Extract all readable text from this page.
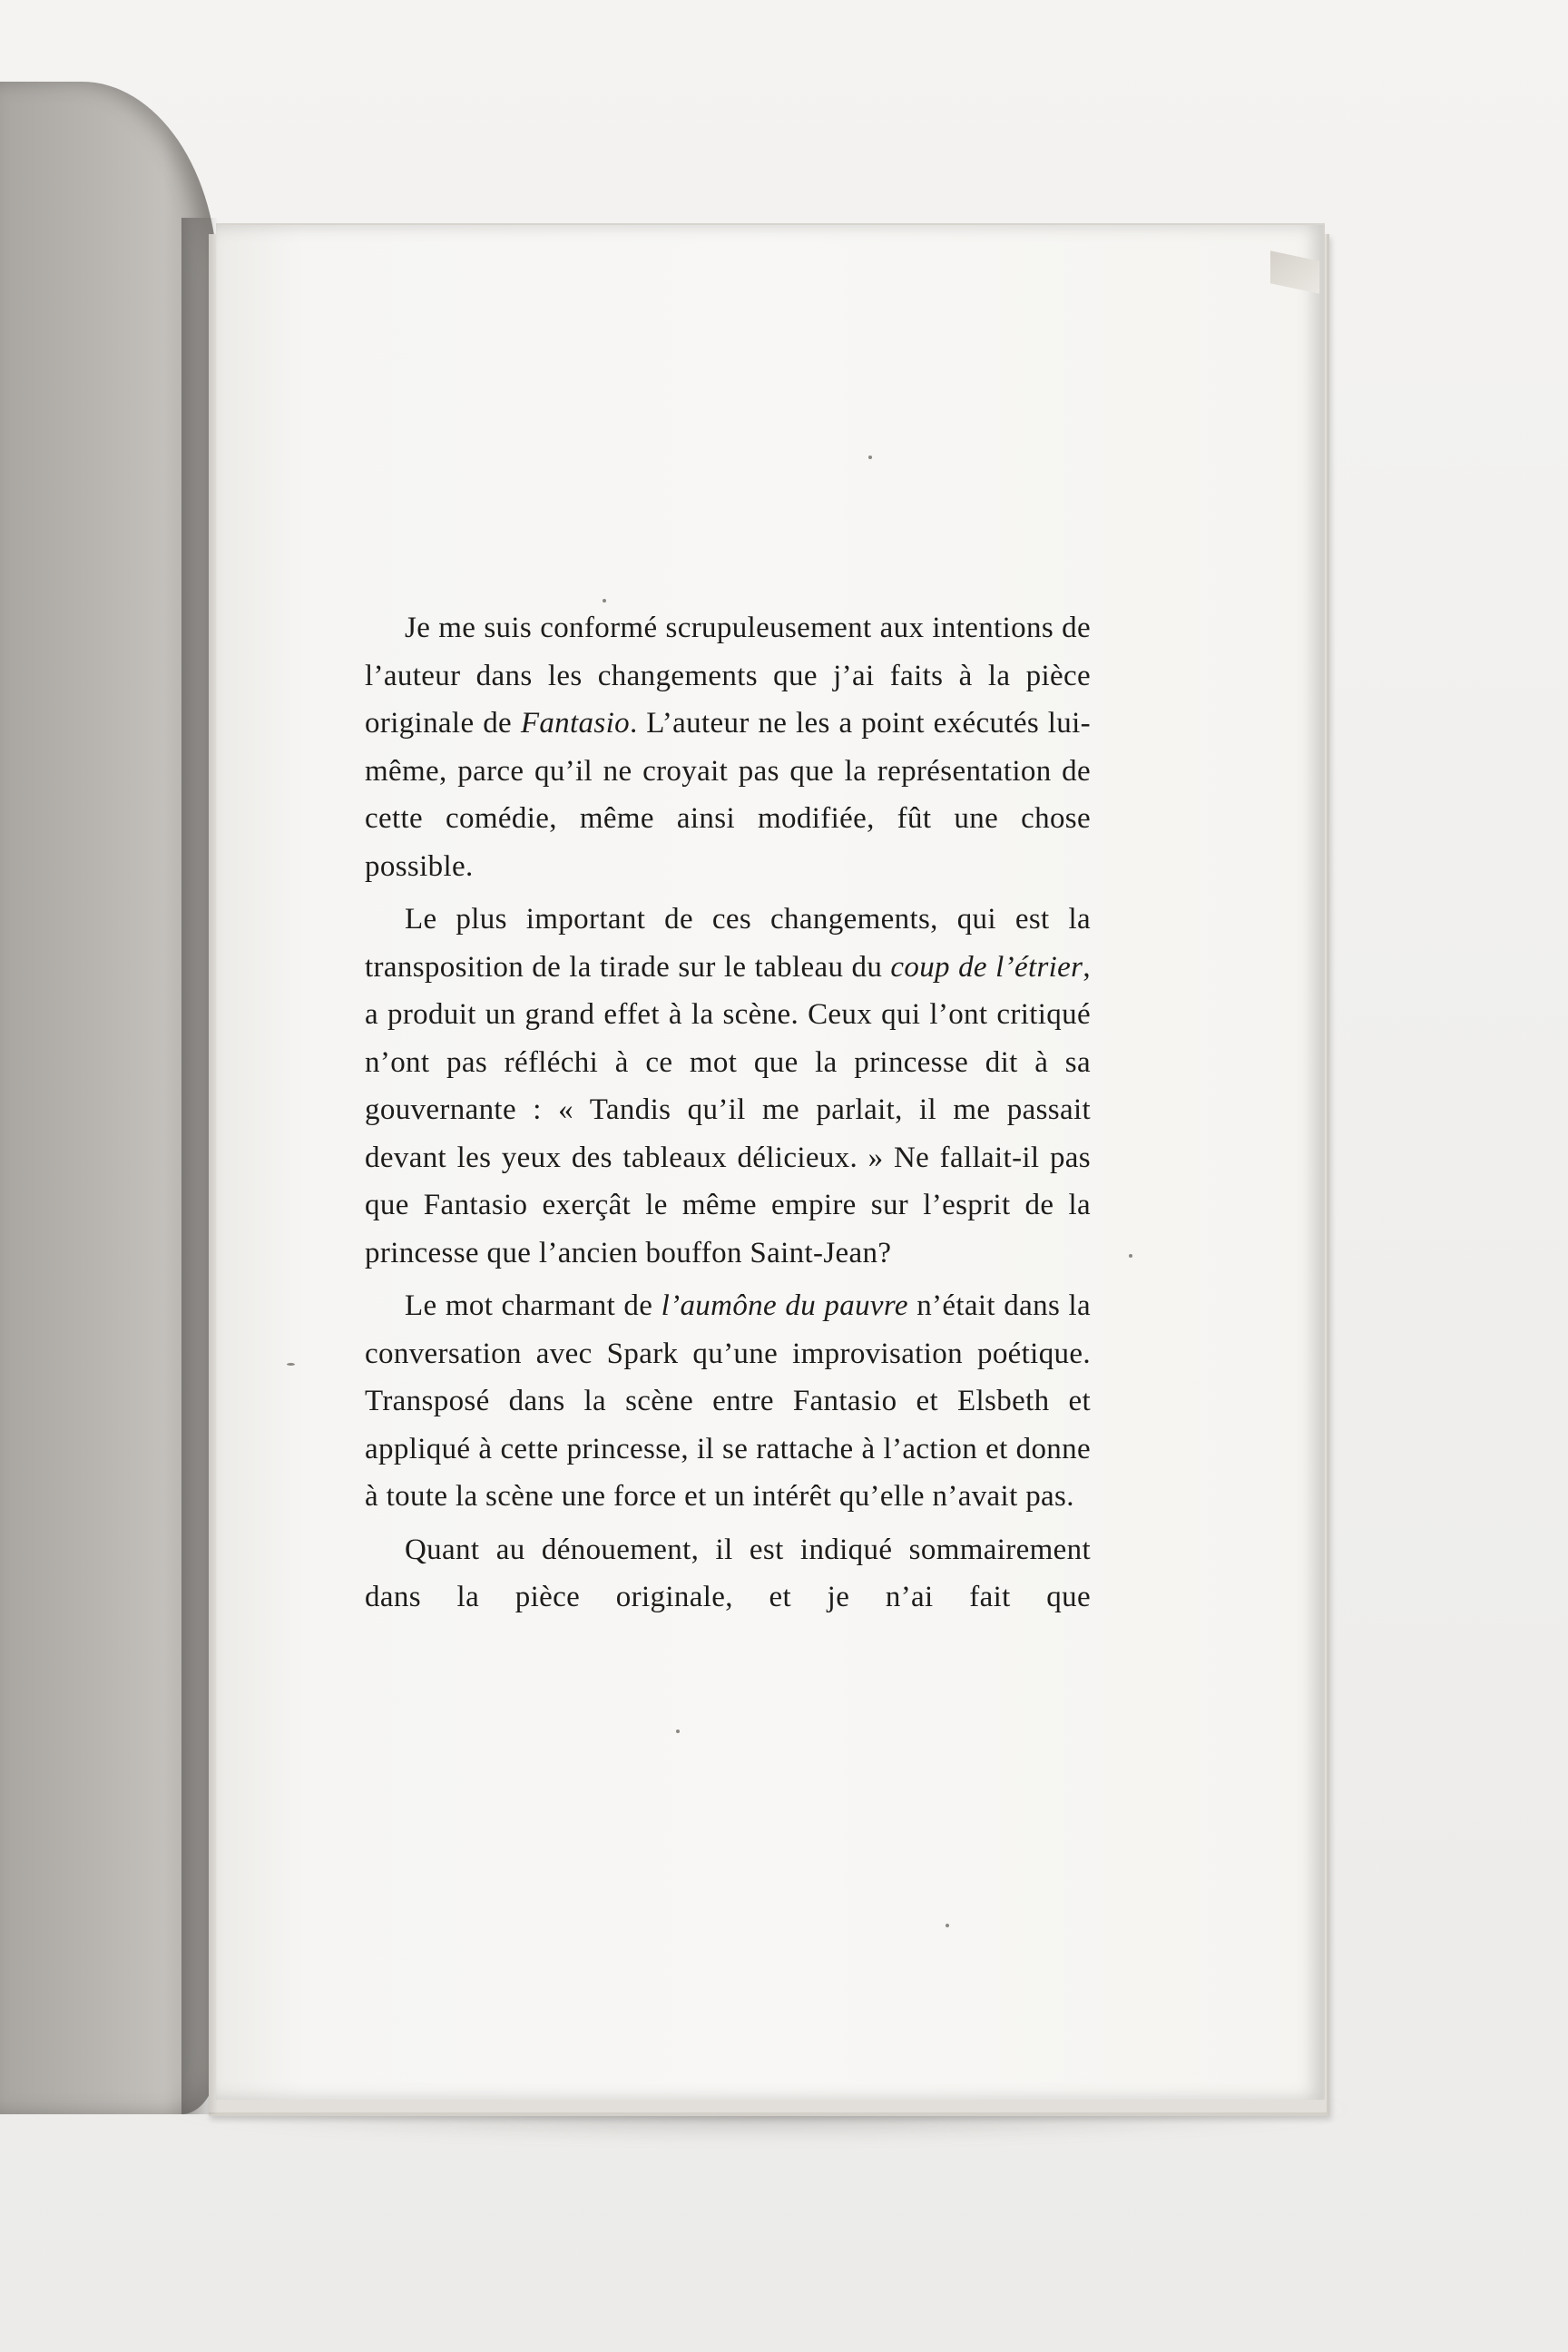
Je me suis conformé scrupuleusement aux intentions de l’auteur dans les changements que j’ai faits à la pièce originale de Fantasio. L’auteur ne les a point exécutés lui-même, parce qu’il ne croyait pas que la représentation de cette comédie, même ainsi modifiée, fût une chose possible.

Le plus important de ces changements, qui est la transposition de la tirade sur le tableau du coup de l’étrier, a produit un grand effet à la scène. Ceux qui l’ont critiqué n’ont pas réfléchi à ce mot que la princesse dit à sa gouvernante : « Tandis qu’il me parlait, il me passait devant les yeux des tableaux délicieux. » Ne fallait-il pas que Fantasio exerçât le même empire sur l’esprit de la princesse que l’ancien bouffon Saint-Jean?

Le mot charmant de l’aumône du pauvre n’était dans la conversation avec Spark qu’une improvisation poétique. Transposé dans la scène entre Fantasio et Elsbeth et appliqué à cette princesse, il se rattache à l’action et donne à toute la scène une force et un intérêt qu’elle n’avait pas.

Quant au dénouement, il est indiqué sommairement dans la pièce originale, et je n’ai fait que
